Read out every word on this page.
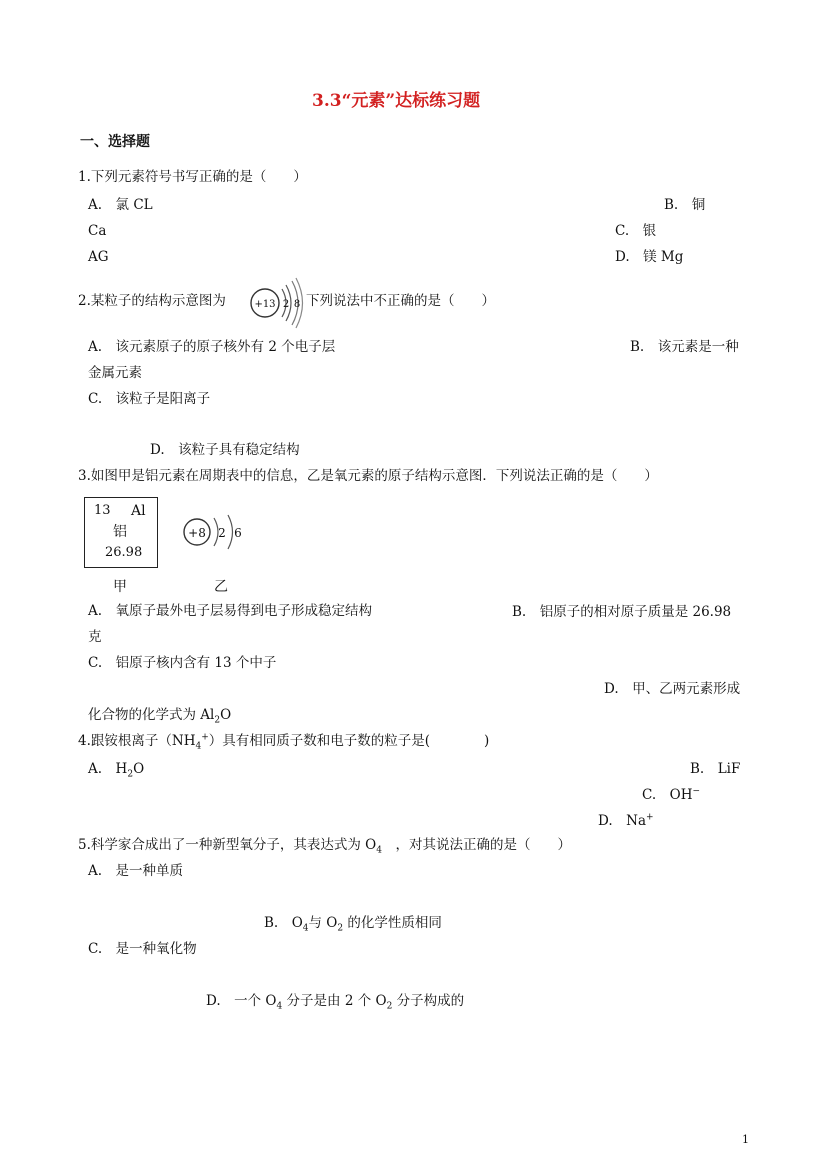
3.3“元素”达标练习题
一、选择题
1.下列元素符号书写正确的是（　　）
A.　氯 CL	B.　铜
Ca	C.　银
AG	D.　镁 Mg
2.某粒子的结构示意图为	+13 2 8 下列说法中不正确的是（　　）
A.　该元素原子的原子核外有 2 个电子层	B.　该元素是一种
金属元素
C.　该粒子是阳离子
D.　该粒子具有稳定结构
3.如图甲是铝元素在周期表中的信息，乙是氧元素的原子结构示意图．下列说法正确的是（　　）
13 Al
铝
26.98
+8 2 6
甲	乙
A.　氧原子最外电子层易得到电子形成稳定结构	B.　铝原子的相对原子质量是 26.98
克
C.　铝原子核内含有 13 个中子
D.　甲、乙两元素形成
化合物的化学式为 $Al_2O$
4.跟铵根离子$(NH_4^+)$具有相同质子数和电子数的粒子是(　　　　)
A.　$H_2O$	B.　LiF
C.　OH−
D.　Na+
5.科学家合成出了一种新型氧分子，其表达式为 $O_4$　，对其说法正确的是（　　）
A.　是一种单质
B.　$O_4$与 $O_2$ 的化学性质相同
C.　是一种氧化物
D.　一个 $O_4$ 分子是由 2 个 $O_2$ 分子构成的
1
